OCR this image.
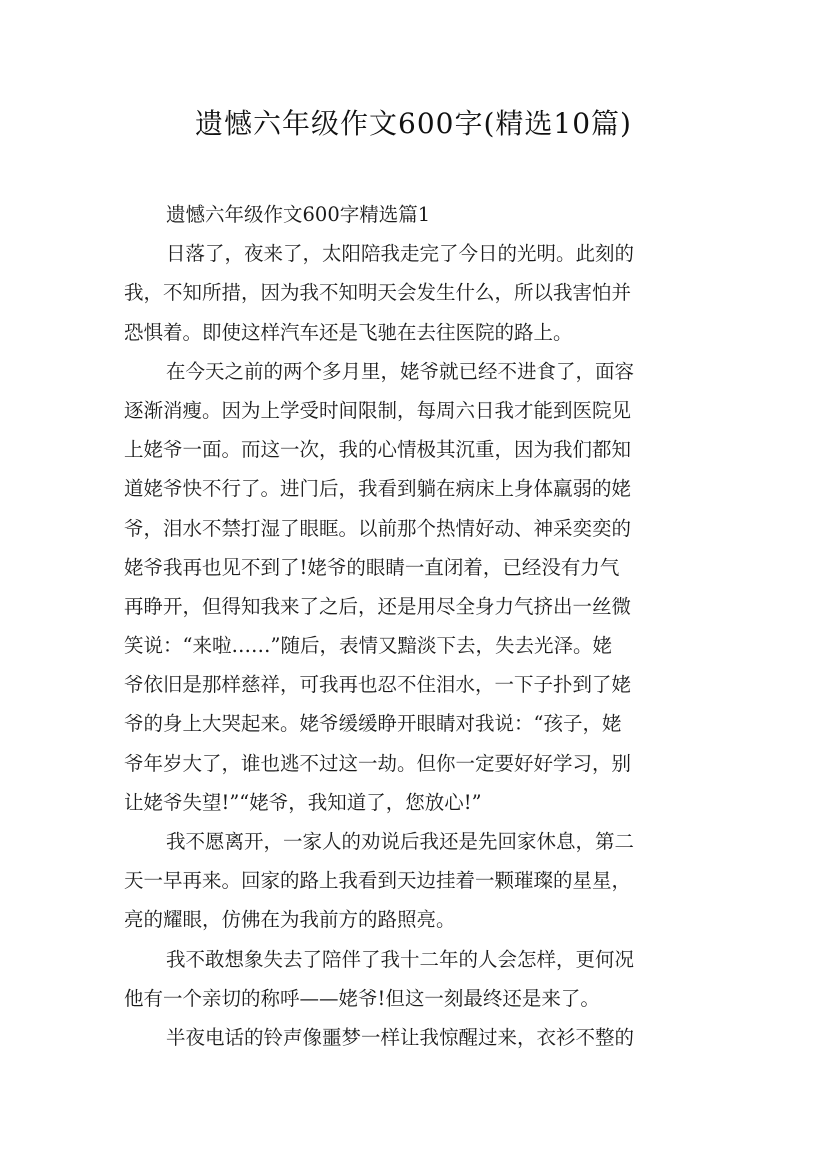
遗憾六年级作文600字(精选10篇)
遗憾六年级作文600字精选篇1
日落了，夜来了，太阳陪我走完了今日的光明。此刻的
我，不知所措，因为我不知明天会发生什么，所以我害怕并
恐惧着。即使这样汽车还是飞驰在去往医院的路上。
在今天之前的两个多月里，姥爷就已经不进食了，面容
逐渐消瘦。因为上学受时间限制，每周六日我才能到医院见
上姥爷一面。而这一次，我的心情极其沉重，因为我们都知
道姥爷快不行了。进门后，我看到躺在病床上身体羸弱的姥
爷，泪水不禁打湿了眼眶。以前那个热情好动、神采奕奕的
姥爷我再也见不到了!姥爷的眼睛一直闭着，已经没有力气
再睁开，但得知我来了之后，还是用尽全身力气挤出一丝微
笑说：“来啦……”随后，表情又黯淡下去，失去光泽。姥
爷依旧是那样慈祥，可我再也忍不住泪水，一下子扑到了姥
爷的身上大哭起来。姥爷缓缓睁开眼睛对我说：“孩子，姥
爷年岁大了，谁也逃不过这一劫。但你一定要好好学习，别
让姥爷失望!”“姥爷，我知道了，您放心!”
我不愿离开，一家人的劝说后我还是先回家休息，第二
天一早再来。回家的路上我看到天边挂着一颗璀璨的星星，
亮的耀眼，仿佛在为我前方的路照亮。
我不敢想象失去了陪伴了我十二年的人会怎样，更何况
他有一个亲切的称呼——姥爷!但这一刻最终还是来了。
半夜电话的铃声像噩梦一样让我惊醒过来，衣衫不整的
